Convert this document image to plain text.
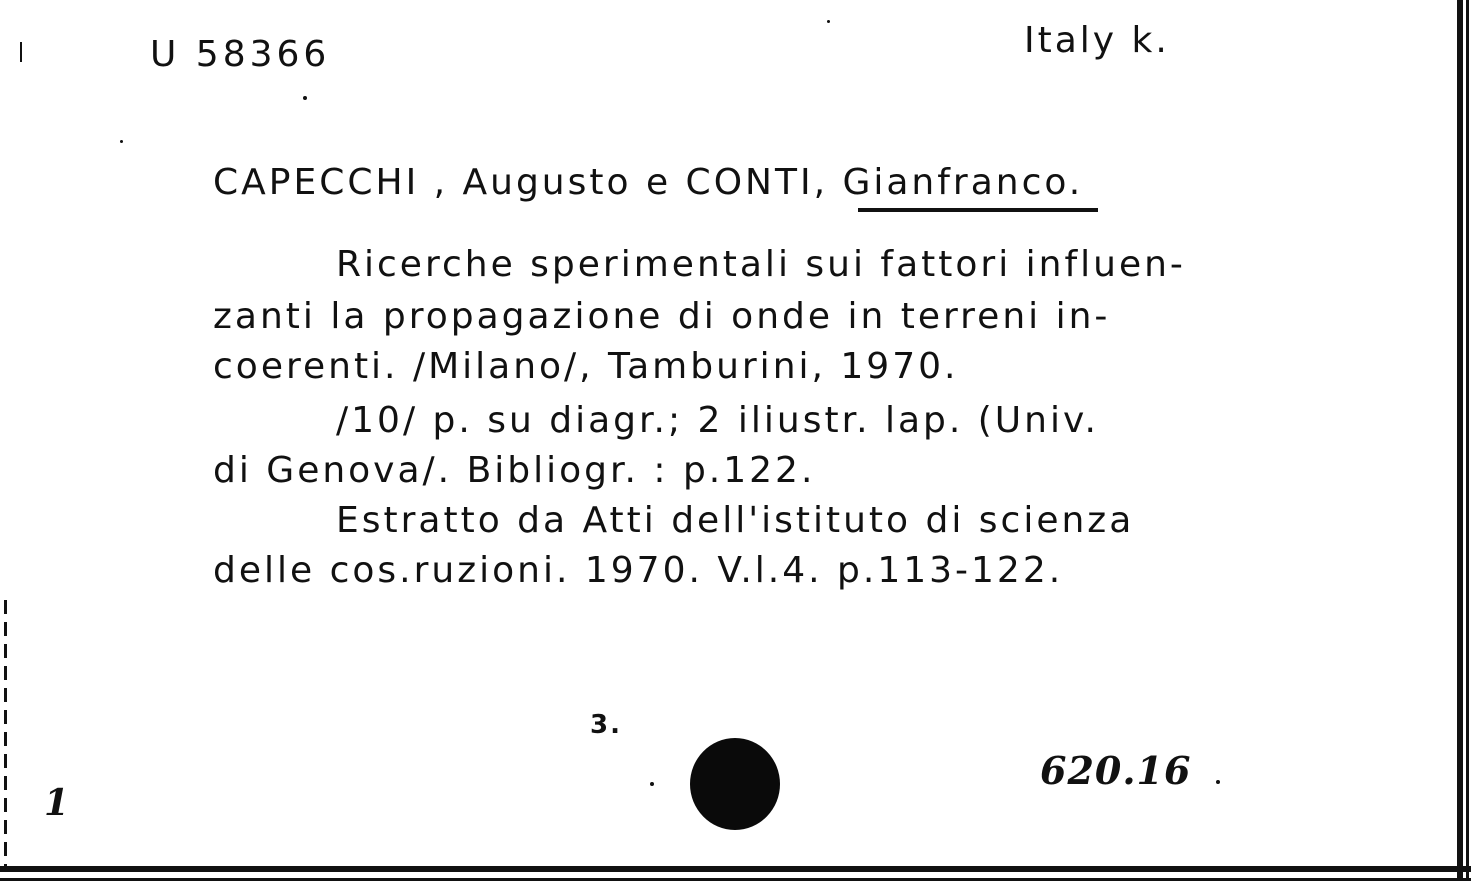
U 58366	Italy k.
CAPECCHI , Augusto e CONTI, Gianfranco.
Ricerche sperimentali sui fattori influen-
zanti la propagazione di onde in terreni in-
coerenti. /Milano/, Tamburini, 1970.
/10/ p. su diagr.; 2 iliustr. lap. (Univ.
di Genova/. Bibliogr. : p.122.
Estratto da Atti dell'istituto di scienza
delle cos.ruzioni. 1970. V.l.4. p.113-122.
3.
620.16
1
